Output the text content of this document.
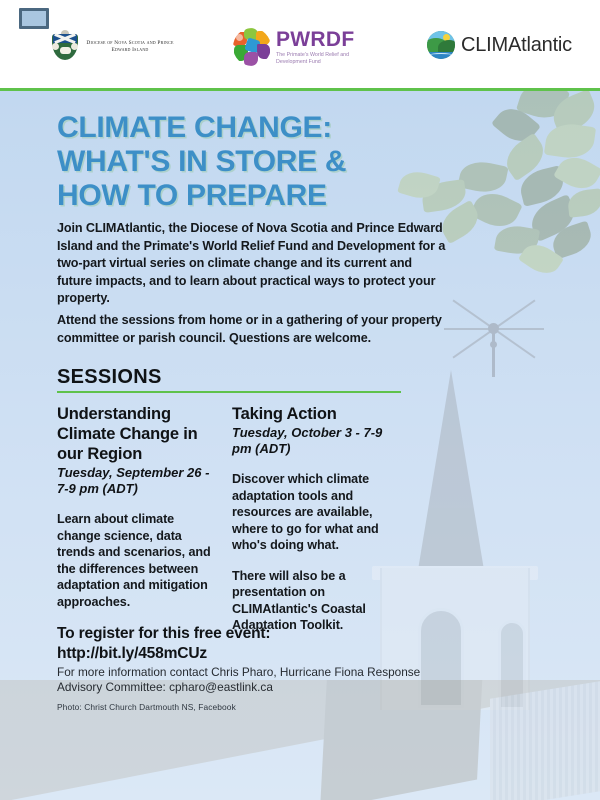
Diocese of Nova Scotia and Prince Edward Island	PWRDF
The Primate's World Relief and Development Fund
CLIMAtlantic
CLIMATE CHANGE:
WHAT'S IN STORE &
HOW TO PREPARE
Join CLIMAtlantic, the Diocese of Nova Scotia and Prince Edward Island and the Primate's World Relief Fund and Development for a two-part virtual series on climate change and its current and future impacts, and to learn about practical ways to protect your property.
Attend the sessions from home or in a gathering of your property committee or parish council. Questions are welcome.
SESSIONS
Understanding Climate Change in our Region
Tuesday, September 26 - 7-9 pm (ADT)
Learn about climate change science, data trends and scenarios, and the differences between adaptation and mitigation approaches.
Taking Action
Tuesday, October 3 - 7-9 pm (ADT)
Discover which climate adaptation tools and resources are available, where to go for what and who's doing what.
There will also be a presentation on CLIMAtlantic's Coastal Adaptation Toolkit.
To register for this free event:
http://bit.ly/458mCUz
For more information contact Chris Pharo, Hurricane Fiona Response Advisory Committee: cpharo@eastlink.ca
Photo: Christ Church Dartmouth NS, Facebook
